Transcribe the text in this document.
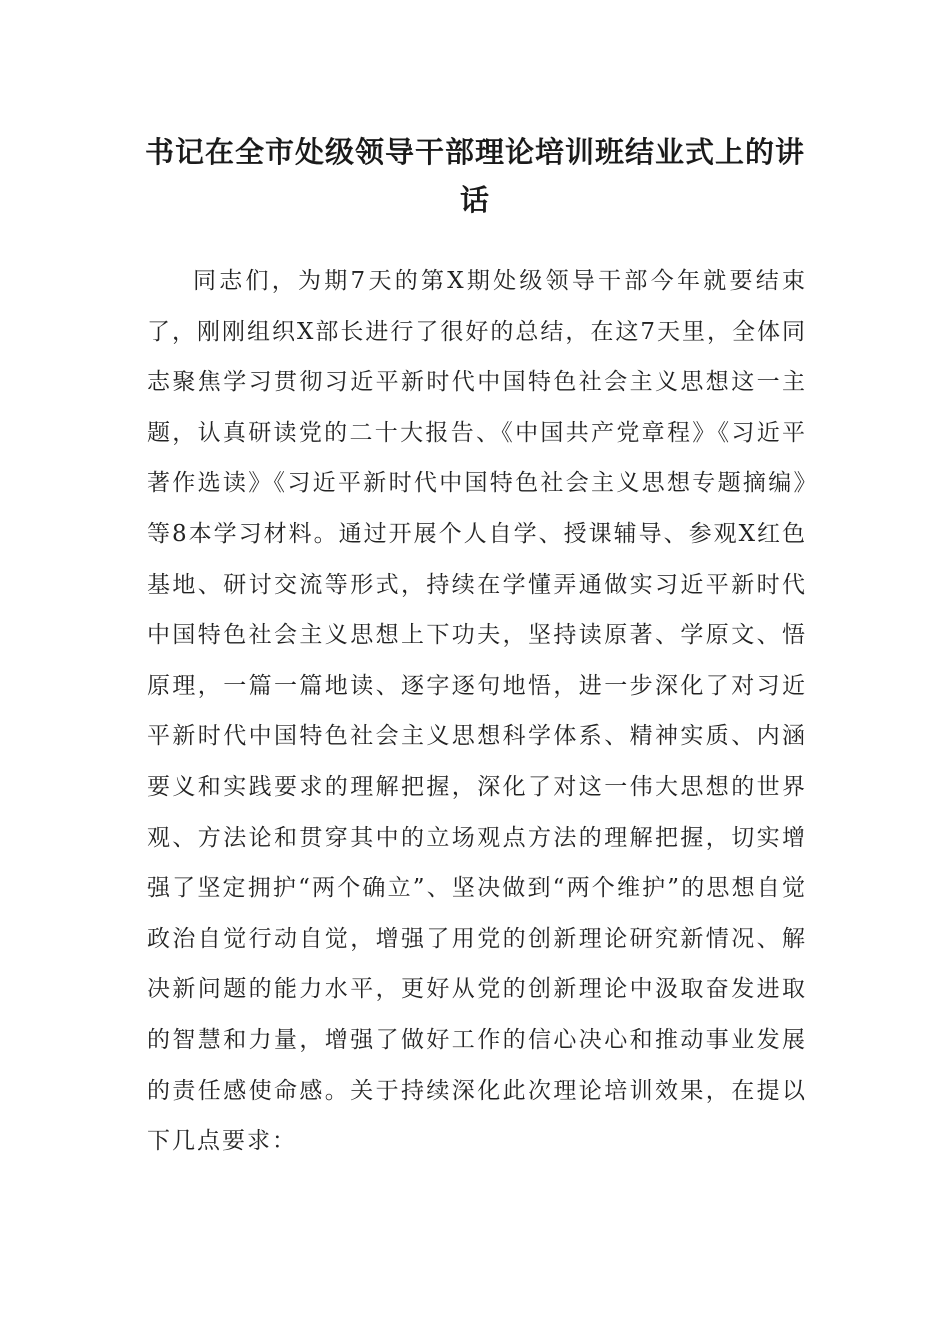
书记在全市处级领导干部理论培训班结业式上的讲话

同志们，为期7天的第X期处级领导干部今年就要结束了，刚刚组织X部长进行了很好的总结，在这7天里，全体同志聚焦学习贯彻习近平新时代中国特色社会主义思想这一主题，认真研读党的二十大报告、《中国共产党章程》《习近平著作选读》《习近平新时代中国特色社会主义思想专题摘编》等8本学习材料。通过开展个人自学、授课辅导、参观X红色基地、研讨交流等形式，持续在学懂弄通做实习近平新时代中国特色社会主义思想上下功夫，坚持读原著、学原文、悟原理，一篇一篇地读、逐字逐句地悟，进一步深化了对习近平新时代中国特色社会主义思想科学体系、精神实质、内涵要义和实践要求的理解把握，深化了对这一伟大思想的世界观、方法论和贯穿其中的立场观点方法的理解把握，切实增强了坚定拥护“两个确立”、坚决做到“两个维护”的思想自觉政治自觉行动自觉，增强了用党的创新理论研究新情况、解决新问题的能力水平，更好从党的创新理论中汲取奋发进取的智慧和力量，增强了做好工作的信心决心和推动事业发展的责任感使命感。关于持续深化此次理论培训效果，在提以下几点要求：
